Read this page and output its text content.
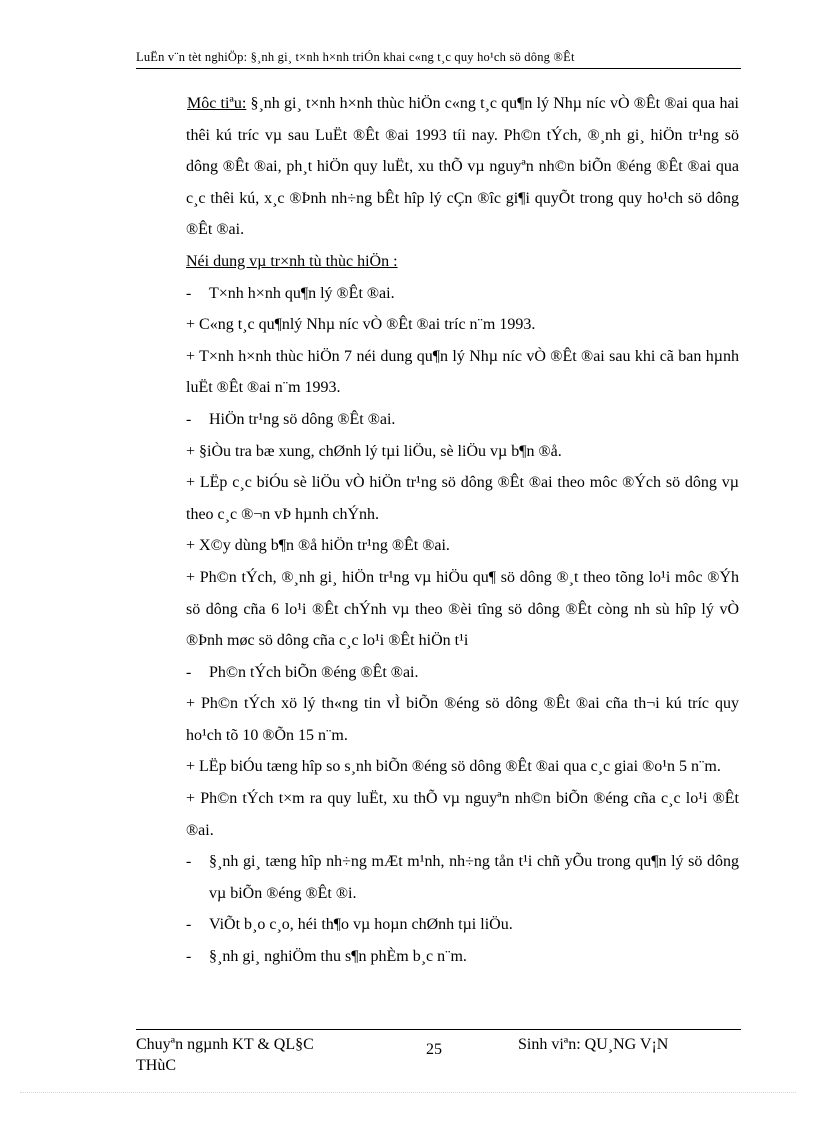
LuËn v¨n tèt nghiÖp: §¸nh gi¸ t×nh h×nh triÓn khai c«ng t¸c quy ho¹ch sö dông ®Êt
Môc tiªu: §¸nh gi¸ t×nh h×nh thùc hiÖn c«ng t¸c qu¶n lý Nhµ níc vÒ ®Êt ®ai qua hai thêi kú tríc vµ sau LuËt ®Êt ®ai 1993 tíi nay. Ph©n tÝch, ®¸nh gi¸ hiÖn tr¹ng sö dông ®Êt ®ai, ph¸t hiÖn quy luËt, xu thÕ vµ nguyªn nh©n biÕn ®éng ®Êt ®ai qua c¸c thêi kú, x¸c ®Þnh nh÷ng bÊt hîp lý cÇn ®îc gi¶i quyÕt trong quy ho¹ch sö dông ®Êt ®ai.
Néi dung vµ tr×nh tù thùc hiÖn :
-	T×nh h×nh qu¶n lý ®Êt ®ai.
+ C«ng t¸c qu¶nlý Nhµ níc vÒ ®Êt ®ai tríc n¨m 1993.
+ T×nh h×nh thùc hiÖn 7 néi dung qu¶n lý Nhµ níc vÒ ®Êt ®ai sau khi cã ban hµnh luËt ®Êt ®ai n¨m 1993.
-	HiÖn tr¹ng sö dông ®Êt ®ai.
+ §iÒu tra bæ xung, chØnh lý tµi liÖu, sè liÖu vµ b¶n ®å.
+ LËp c¸c biÓu sè liÖu vÒ hiÖn tr¹ng sö dông ®Êt ®ai theo môc ®Ých sö dông vµ theo c¸c ®¬n vÞ hµnh chÝnh.
+ X©y dùng b¶n ®å hiÖn tr¹ng ®Êt ®ai.
+ Ph©n tÝch, ®¸nh gi¸ hiÖn tr¹ng vµ hiÖu qu¶ sö dông ®¸t theo tõng lo¹i môc ®Ýh sö dông cña 6 lo¹i ®Êt chÝnh vµ theo ®èi tîng sö dông ®Êt còng nh sù hîp lý vÒ ®Þnh møc sö dông cña c¸c lo¹i ®Êt hiÖn t¹i
-	Ph©n tÝch biÕn ®éng ®Êt ®ai.
+ Ph©n tÝch xö lý th«ng tin vÌ biÕn ®éng sö dông ®Êt ®ai cña th¬i kú tríc quy ho¹ch tõ 10 ®Õn 15 n¨m.
+ LËp biÓu tæng hîp so s¸nh biÕn ®éng sö dông ®Êt ®ai qua c¸c giai ®o¹n 5 n¨m.
+ Ph©n tÝch t×m ra quy luËt, xu thÕ vµ nguyªn nh©n biÕn ®éng cña c¸c lo¹i ®Êt ®ai.
-	§¸nh gi¸ tæng hîp nh÷ng mÆt m¹nh, nh÷ng tån t¹i chñ yÕu trong qu¶n lý sö dông vµ biÕn ®éng ®Êt ®i.
-	ViÕt b¸o c¸o, héi th¶o vµ hoµn chØnh tµi liÖu.
-	§¸nh gi¸ nghiÖm thu s¶n phÈm b¸c n¨m.
Chuyªn ngµnh KT & QL§C
THùC
25	Sinh viªn: QU¸NG V¡N
